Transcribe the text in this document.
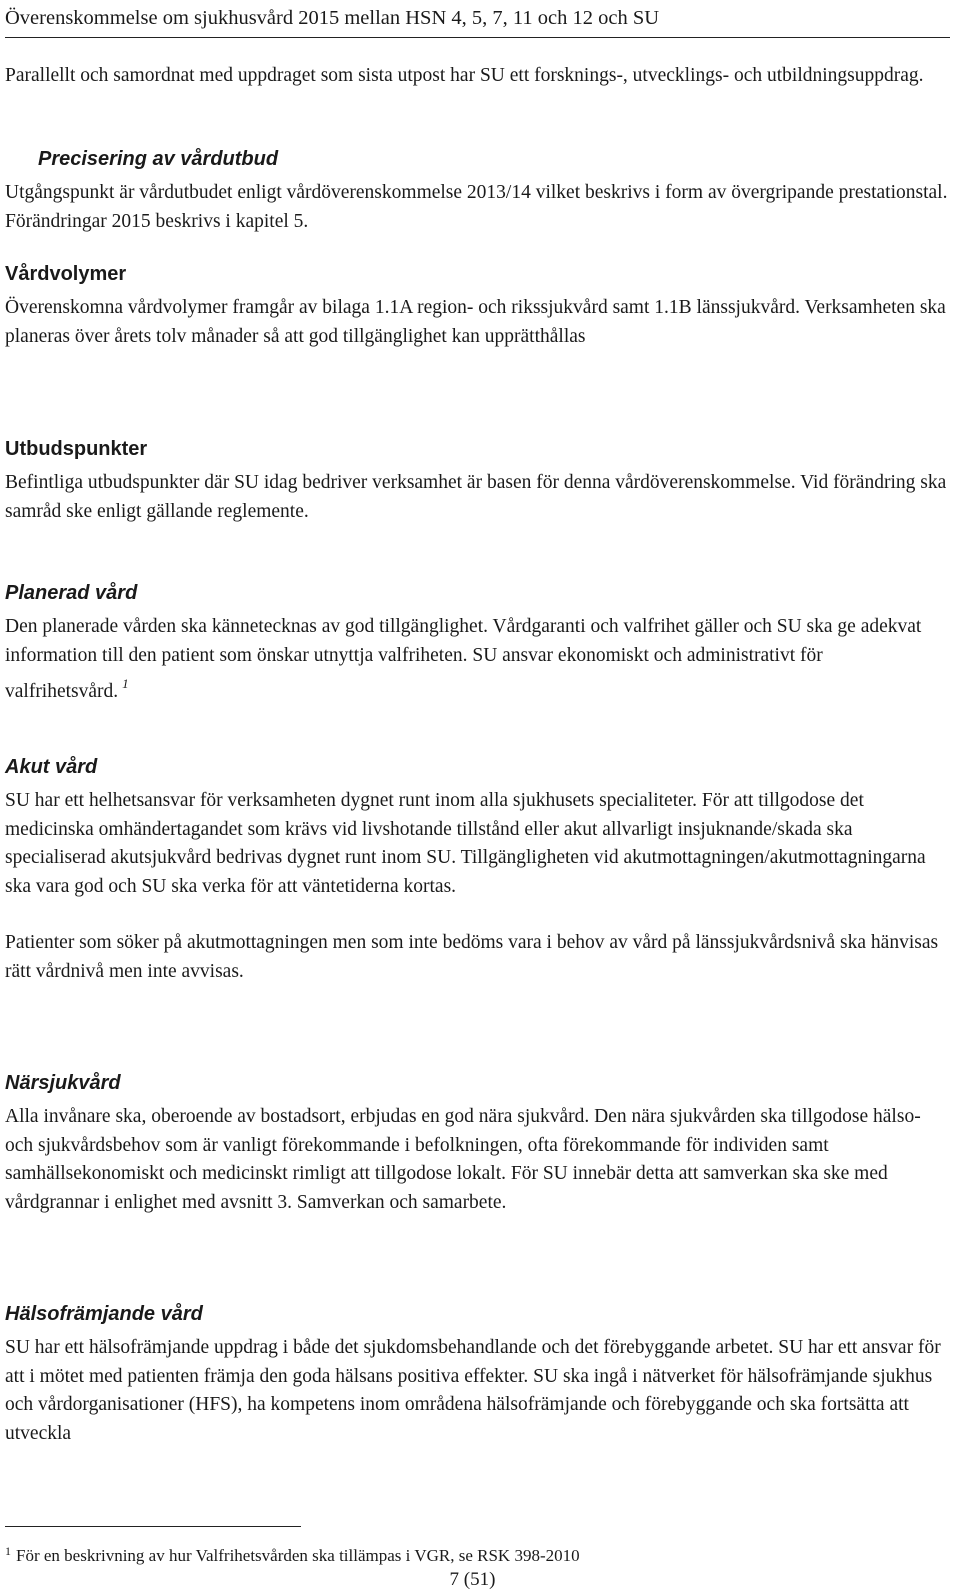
Överenskommelse om sjukhusvård 2015 mellan HSN 4, 5, 7, 11 och 12 och SU

Parallellt och samordnat med uppdraget som sista utpost har SU ett forsknings-, utvecklings- och utbildningsuppdrag.

Precisering av vårdutbud

Utgångspunkt är vårdutbudet enligt vårdöverenskommelse 2013/14 vilket beskrivs i form av övergripande prestationstal. Förändringar 2015 beskrivs i kapitel 5.

Vårdvolymer

Överenskomna vårdvolymer framgår av bilaga 1.1A region- och rikssjukvård samt 1.1B länssjukvård. Verksamheten ska planeras över årets tolv månader så att god tillgänglighet kan upprätthållas

Utbudspunkter

Befintliga utbudspunkter där SU idag bedriver verksamhet är basen för denna vårdöverenskommelse. Vid förändring ska samråd ske enligt gällande reglemente.

Planerad vård

Den planerade vården ska kännetecknas av god tillgänglighet. Vårdgaranti och valfrihet gäller och SU ska ge adekvat information till den patient som önskar utnyttja valfriheten. SU ansvar ekonomiskt och administrativt för valfrihetsvård. $^1$

Akut vård

SU har ett helhetsansvar för verksamheten dygnet runt inom alla sjukhusets specialiteter. För att tillgodose det medicinska omhändertagandet som krävs vid livshotande tillstånd eller akut allvarligt insjuknande/skada ska specialiserad akutsjukvård bedrivas dygnet runt inom SU. Tillgängligheten vid akutmottagningen/akutmottagningarna ska vara god och SU ska verka för att väntetiderna kortas.

Patienter som söker på akutmottagningen men som inte bedöms vara i behov av vård på länssjukvårdsnivå ska hänvisas rätt vårdnivå men inte avvisas.

Närsjukvård

Alla invånare ska, oberoende av bostadsort, erbjudas en god nära sjukvård. Den nära sjukvården ska tillgodose hälso- och sjukvårdsbehov som är vanligt förekommande i befolkningen, ofta förekommande för individen samt samhällsekonomiskt och medicinskt rimligt att tillgodose lokalt. För SU innebär detta att samverkan ska ske med vårdgrannar i enlighet med avsnitt 3. Samverkan och samarbete.

Hälsofrämjande vård

SU har ett hälsofrämjande uppdrag i både det sjukdomsbehandlande och det förebyggande arbetet. SU har ett ansvar för att i mötet med patienten främja den goda hälsans positiva effekter. SU ska ingå i nätverket för hälsofrämjande sjukhus och vårdorganisationer (HFS), ha kompetens inom områdena hälsofrämjande och förebyggande och ska fortsätta att utveckla

$^1$ För en beskrivning av hur Valfrihetsvården ska tillämpas i VGR, se RSK 398-2010
7 (51)
